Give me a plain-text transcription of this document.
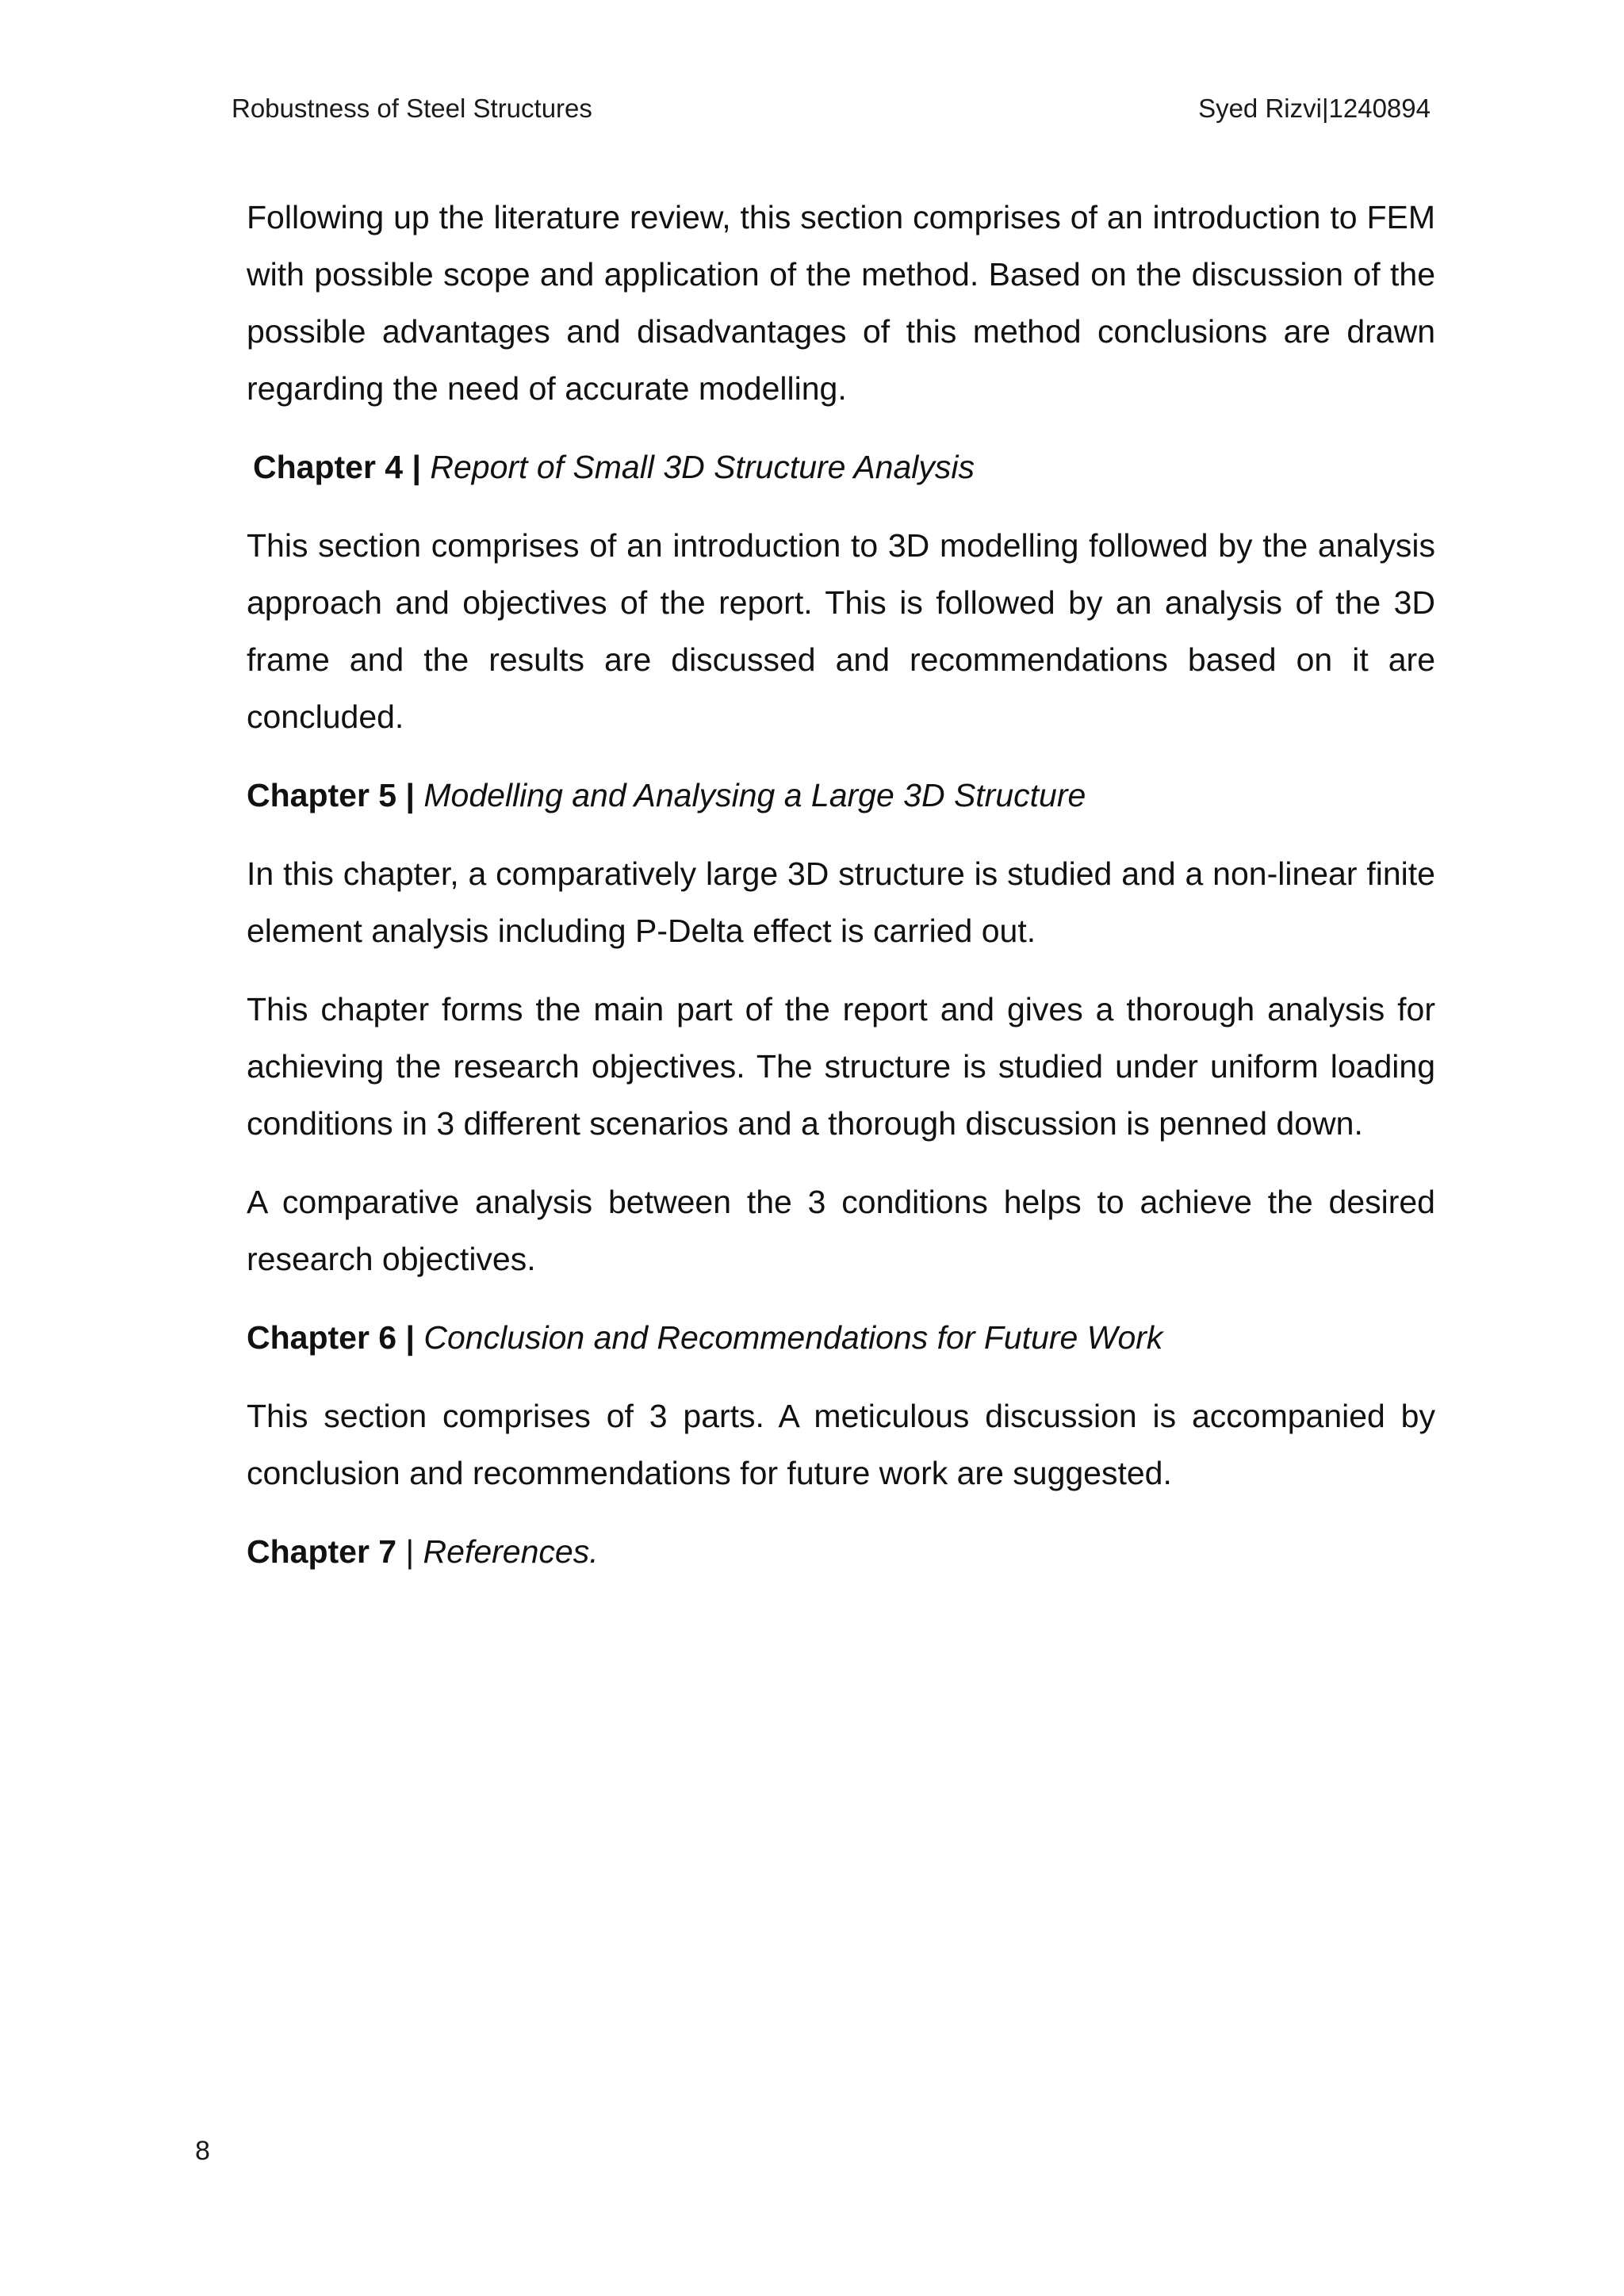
Robustness of Steel Structures	Syed Rizvi|1240894

Following up the literature review, this section comprises of an introduction to FEM with possible scope and application of the method. Based on the discussion of the possible advantages and disadvantages of this method conclusions are drawn regarding the need of accurate modelling.

Chapter 4 | Report of Small 3D Structure Analysis

This section comprises of an introduction to 3D modelling followed by the analysis approach and objectives of the report. This is followed by an analysis of the 3D frame and the results are discussed and recommendations based on it are concluded.

Chapter 5 | Modelling and Analysing a Large 3D Structure

In this chapter, a comparatively large 3D structure is studied and a non-linear finite element analysis including P-Delta effect is carried out.

This chapter forms the main part of the report and gives a thorough analysis for achieving the research objectives. The structure is studied under uniform loading conditions in 3 different scenarios and a thorough discussion is penned down.

A comparative analysis between the 3 conditions helps to achieve the desired research objectives.

Chapter 6 | Conclusion and Recommendations for Future Work

This section comprises of 3 parts. A meticulous discussion is accompanied by conclusion and recommendations for future work are suggested.

Chapter 7 | References.

8
